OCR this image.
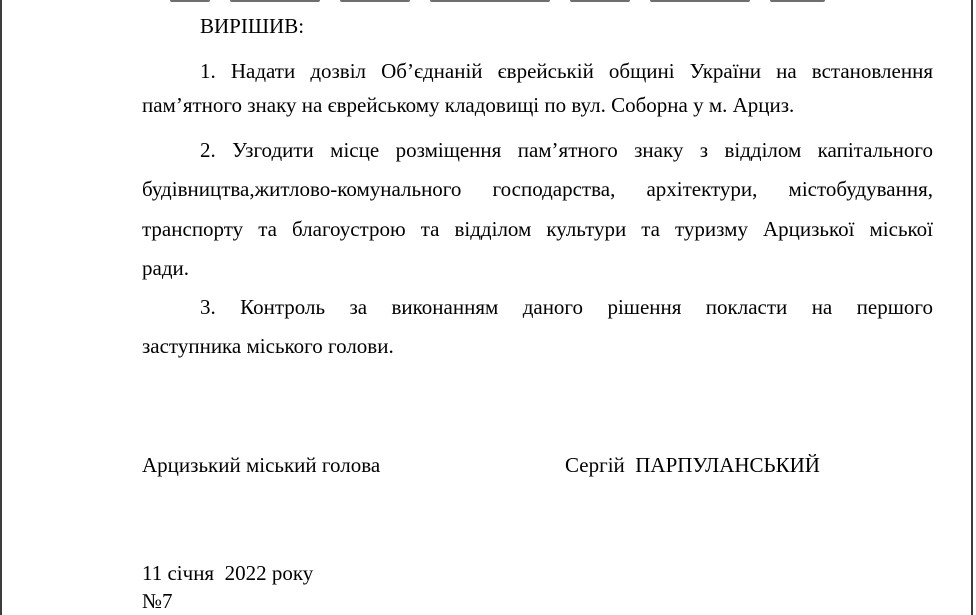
ВИРІШИВ:
1. Надати дозвіл Об’єднаній єврейській общині України на встановлення
пам’ятного знаку на єврейському кладовищі по вул. Соборна у м. Арциз.
2. Узгодити місце розміщення пам’ятного знаку з відділом капітального
будівництва,житлово-комунального господарства, архітектури, містобудування,
транспорту та благоустрою та відділом культури та туризму Арцизької міської
ради.
3. Контроль за виконанням даного рішення покласти на першого
заступника міського голови.
Арцизький міський голова	Сергій  ПАРПУЛАНСЬКИЙ
11 січня  2022 року
№7
